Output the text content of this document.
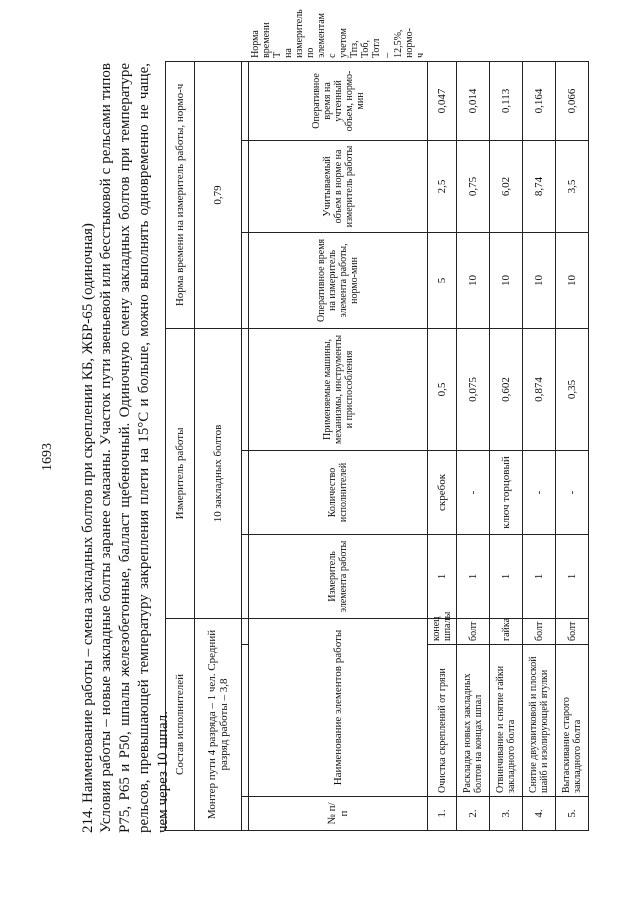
1693 214. Наименование работы – смена закладных болтов при скреплении КБ, ЖБР-65 (одиночная) Условия работы – новые закладные болты заранее смазаны. Участок пути звеньевой или бесстыковой с рельсами типов Р75, Р65 и Р50, шпалы железобетонные, балласт щебеночный. Одиночную смену закладных болтов при температуре рельсов, превышающей температуру закрепления плети на 15°С и больше, можно выполнять одновременно не чаще, чем через 10 шпал. Состав исполнителей			Измеритель работы			Норма времени на измеритель работы, нормо-ч			
Монтер пути 4 разряда – 1 чел. Средний разряд работы – 3,8			10 закладных болтов			0,79			

№ п/п	Наименование элементов работы		Измеритель элемента работы	Количество исполнителей	Применяемые машины, механизмы, инструменты и приспособления	Оперативное время на измеритель элемента работы, нормо-мин	Учитываемый объем в норме на измеритель работы	Оперативное время на учтенный объем, нормо-мин	Норма времени Т на измеритель по элементам с учетом Тпз, Тоб, Тотл – 12,5%, нормо-ч
1.	Очистка скреплений от грязи	конец шпалы	1	скребок	0,5	5	2,5	0,047	
2.	Раскладка новых закладных болтов на концах шпал	болт	1	-	0,075	10	0,75	0,014	
3.	Отвинчивание и снятие гайки закладного болта	гайка	1	ключ торцовый	0,602	10	6,02	0,113	
4.	Снятие двухвитковой и плоской шайб и изолирующей втулки	болт	1	-	0,874	10	8,74	0,164	
5.	Вытаскивание старого закладного болта	болт	1	-	0,35	10	3,5	0,066	
